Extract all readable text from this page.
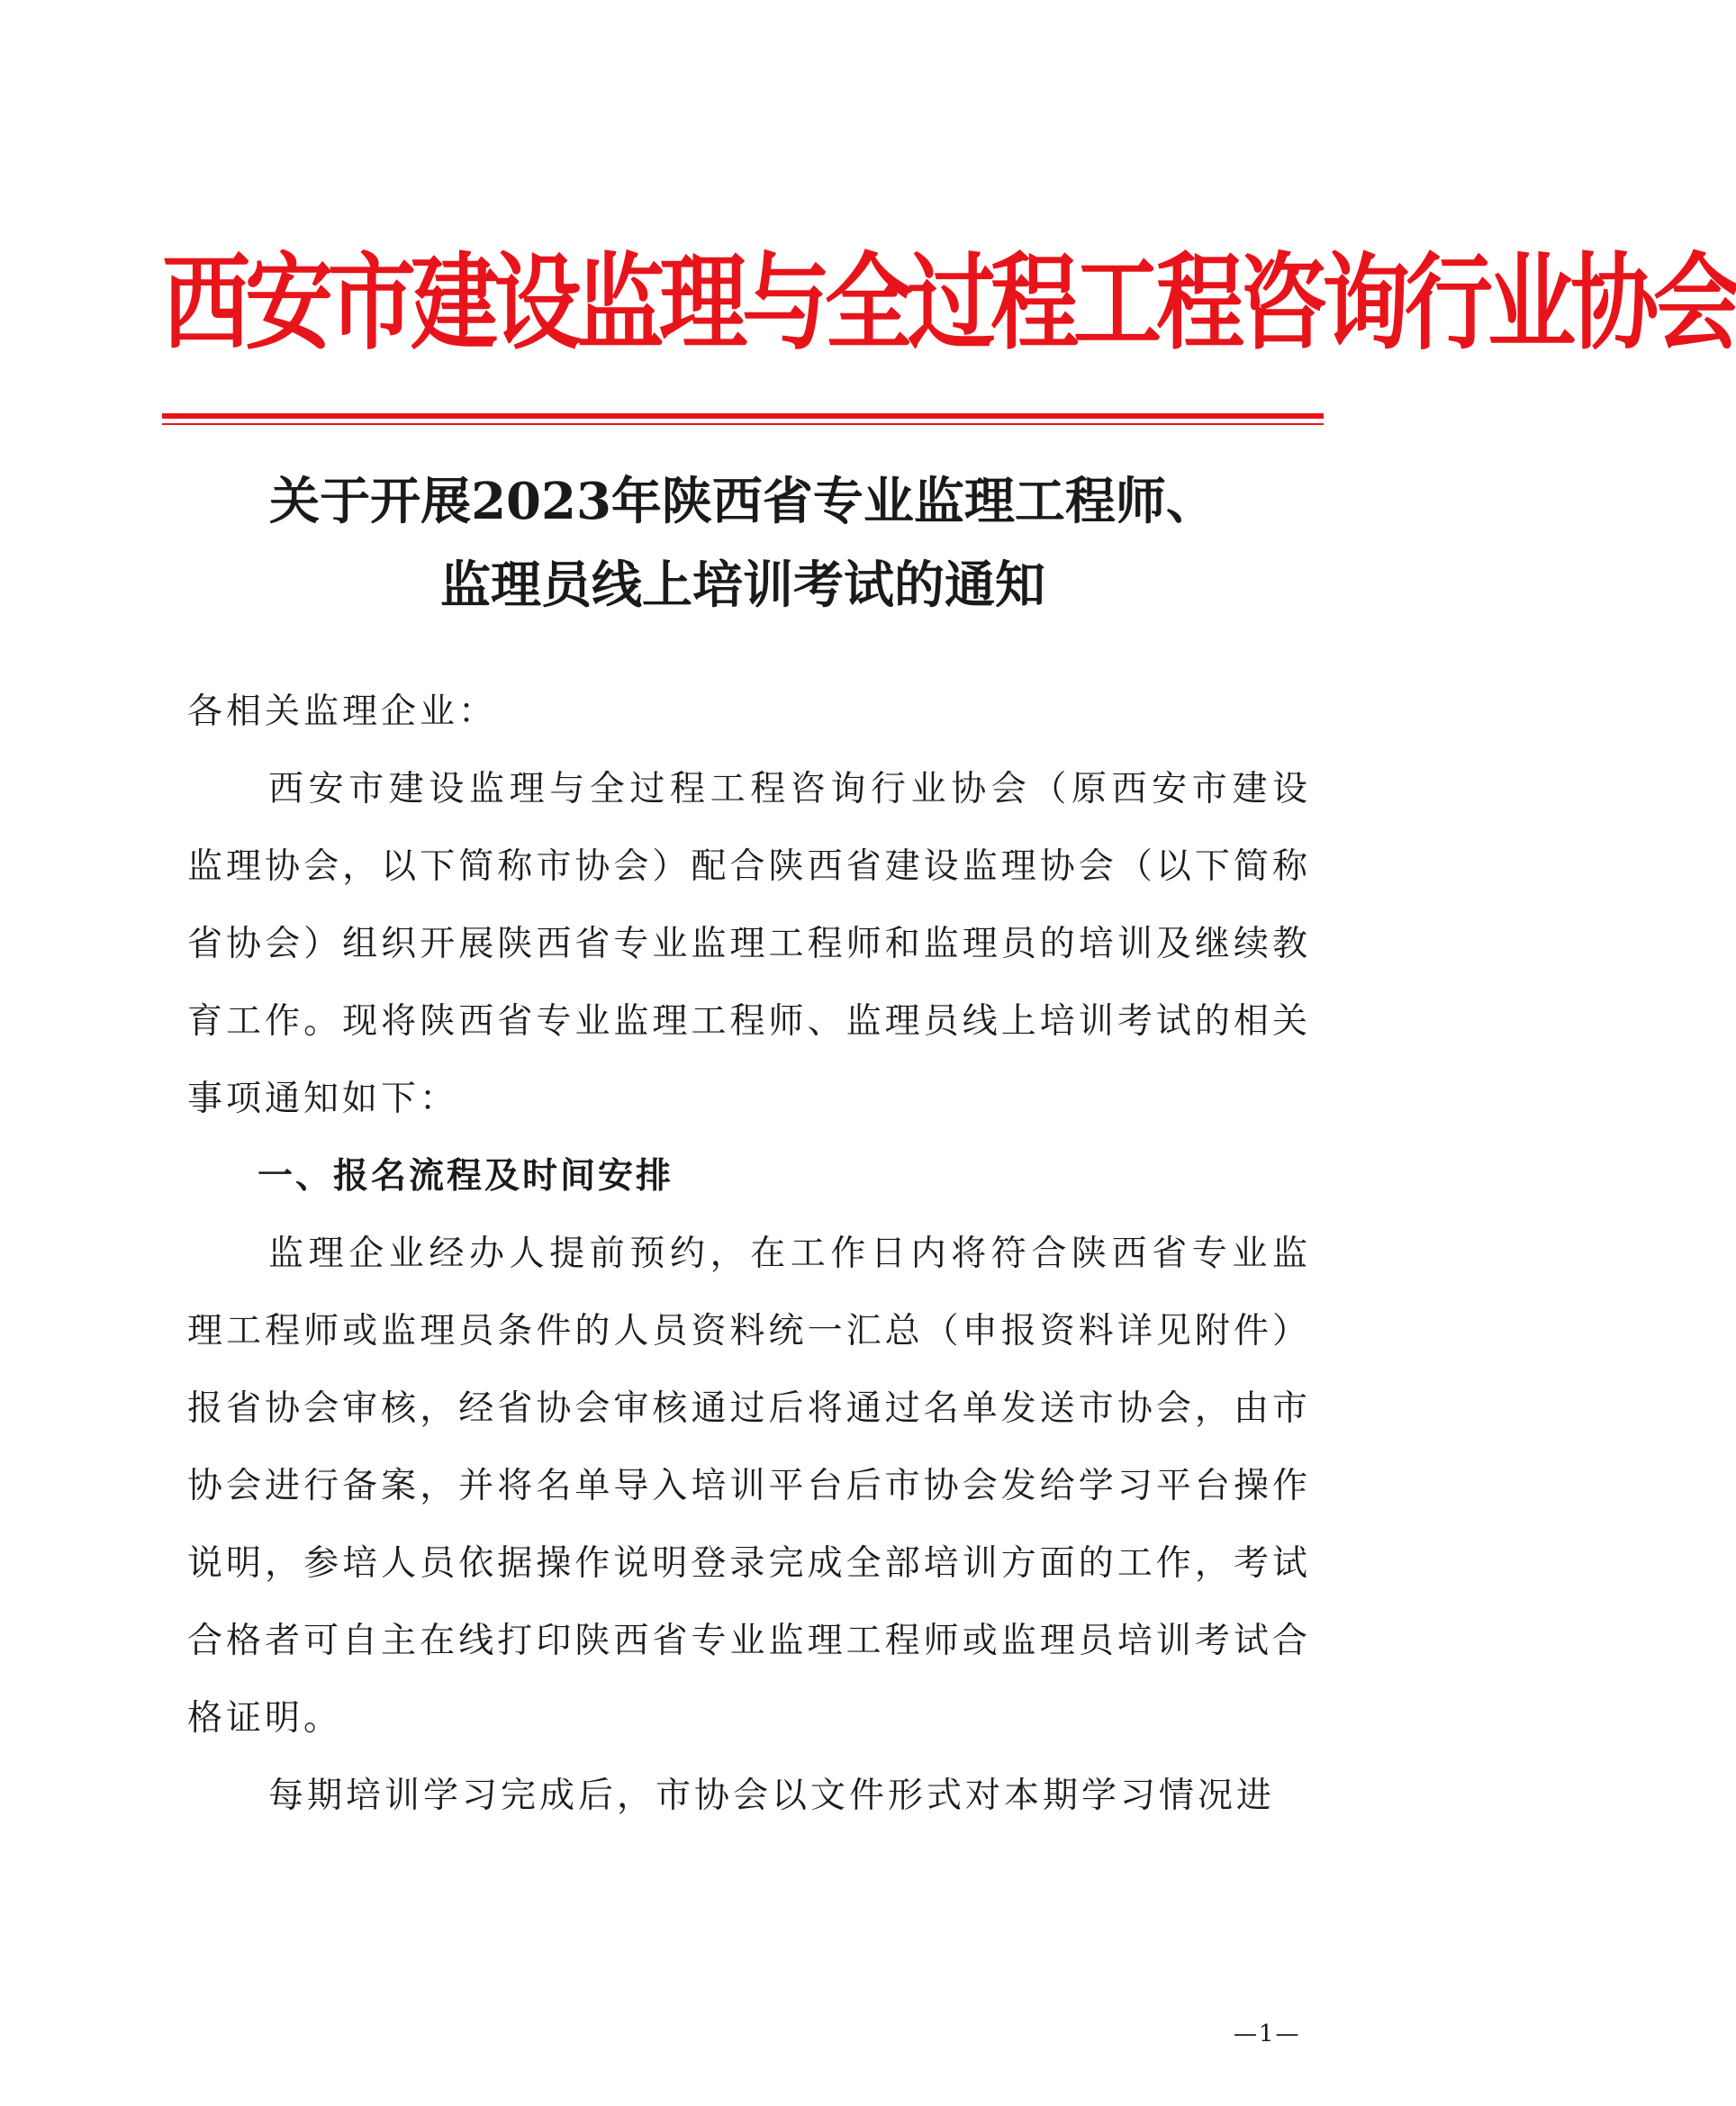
西安市建设监理与全过程工程咨询行业协会
关于开展2023年陕西省专业监理工程师、
监理员线上培训考试的通知

各相关监理企业：

西安市建设监理与全过程工程咨询行业协会（原西安市建设监理协会，以下简称市协会）配合陕西省建设监理协会（以下简称省协会）组织开展陕西省专业监理工程师和监理员的培训及继续教育工作。现将陕西省专业监理工程师、监理员线上培训考试的相关事项通知如下：

一、报名流程及时间安排

监理企业经办人提前预约，在工作日内将符合陕西省专业监理工程师或监理员条件的人员资料统一汇总（申报资料详见附件）报省协会审核，经省协会审核通过后将通过名单发送市协会，由市协会进行备案，并将名单导入培训平台后市协会发给学习平台操作说明，参培人员依据操作说明登录完成全部培训方面的工作，考试合格者可自主在线打印陕西省专业监理工程师或监理员培训考试合格证明。

每期培训学习完成后，市协会以文件形式对本期学习情况进

—1—
